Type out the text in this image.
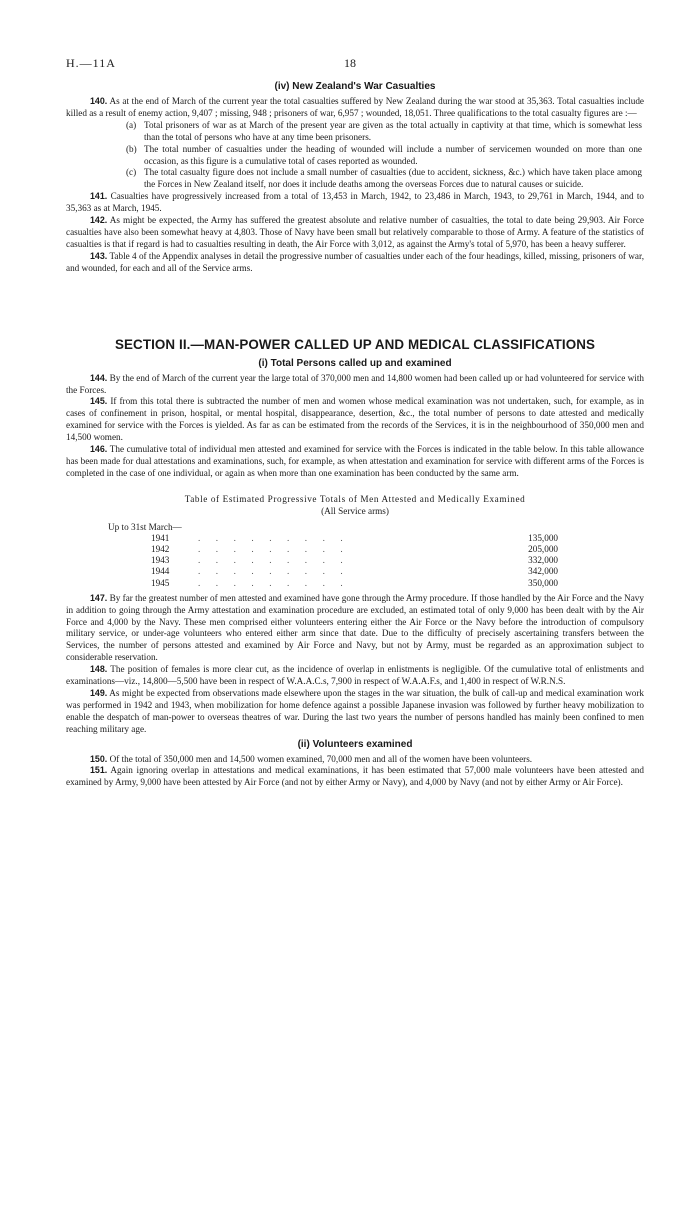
H.—11A	18
(iv) New Zealand's War Casualties

140. As at the end of March of the current year the total casualties suffered by New Zealand during the war stood at 35,363. Total casualties include killed as a result of enemy action, 9,407 ; missing, 948 ; prisoners of war, 6,957 ; wounded, 18,051. Three qualifications to the total casualty figures are :—

(a) Total prisoners of war as at March of the present year are given as the total actually in captivity at that time, which is somewhat less than the total of persons who have at any time been prisoners.
(b) The total number of casualties under the heading of wounded will include a number of servicemen wounded on more than one occasion, as this figure is a cumulative total of cases reported as wounded.
(c) The total casualty figure does not include a small number of casualties (due to accident, sickness, &c.) which have taken place among the Forces in New Zealand itself, nor does it include deaths among the overseas Forces due to natural causes or suicide.

141. Casualties have progressively increased from a total of 13,453 in March, 1942, to 23,486 in March, 1943, to 29,761 in March, 1944, and to 35,363 as at March, 1945.

142. As might be expected, the Army has suffered the greatest absolute and relative number of casualties, the total to date being 29,903. Air Force casualties have also been somewhat heavy at 4,803. Those of Navy have been small but relatively comparable to those of Army. A feature of the statistics of casualties is that if regard is had to casualties resulting in death, the Air Force with 3,012, as against the Army's total of 5,970, has been a heavy sufferer.

143. Table 4 of the Appendix analyses in detail the progressive number of casualties under each of the four headings, killed, missing, prisoners of war, and wounded, for each and all of the Service arms.

SECTION II.—MAN-POWER CALLED UP AND MEDICAL CLASSIFICATIONS
(i) Total Persons called up and examined

144. By the end of March of the current year the large total of 370,000 men and 14,800 women had been called up or had volunteered for service with the Forces.

145. If from this total there is subtracted the number of men and women whose medical examination was not undertaken, such, for example, as in cases of confinement in prison, hospital, or mental hospital, disappearance, desertion, &c., the total number of persons to date attested and medically examined for service with the Forces is yielded. As far as can be estimated from the records of the Services, it is in the neighbourhood of 350,000 men and 14,500 women.

146. The cumulative total of individual men attested and examined for service with the Forces is indicated in the table below. In this table allowance has been made for dual attestations and examinations, such, for example, as when attestation and examination for service with different arms of the Forces is completed in the case of one individual, or again as when more than one examination has been conducted by the same arm.

Table of Estimated Progressive Totals of Men Attested and Medically Examined
(All Service arms)
Up to 31st March—
1941	.........	135,000
1942	.........	205,000
1943	.........	332,000
1944	.........	342,000
1945	.........	350,000

147. By far the greatest number of men attested and examined have gone through the Army procedure. If those handled by the Air Force and the Navy in addition to going through the Army attestation and examination procedure are excluded, an estimated total of only 9,000 has been dealt with by the Air Force and 4,000 by the Navy. These men comprised either volunteers entering either the Air Force or the Navy before the introduction of compulsory military service, or under-age volunteers who entered either arm since that date. Due to the difficulty of precisely ascertaining transfers between the Services, the number of persons attested and examined by Air Force and Navy, but not by Army, must be regarded as an approximation subject to considerable reservation.

148. The position of females is more clear cut, as the incidence of overlap in enlistments is negligible. Of the cumulative total of enlistments and examinations—viz., 14,800—5,500 have been in respect of W.A.A.C.s, 7,900 in respect of W.A.A.F.s, and 1,400 in respect of W.R.N.S.

149. As might be expected from observations made elsewhere upon the stages in the war situation, the bulk of call-up and medical examination work was performed in 1942 and 1943, when mobilization for home defence against a possible Japanese invasion was followed by further heavy mobilization to enable the despatch of man-power to overseas theatres of war. During the last two years the number of persons handled has mainly been confined to men reaching military age.

(ii) Volunteers examined

150. Of the total of 350,000 men and 14,500 women examined, 70,000 men and all of the women have been volunteers.

151. Again ignoring overlap in attestations and medical examinations, it has been estimated that 57,000 male volunteers have been attested and examined by Army, 9,000 have been attested by Air Force (and not by either Army or Navy), and 4,000 by Navy (and not by either Army or Air Force).
